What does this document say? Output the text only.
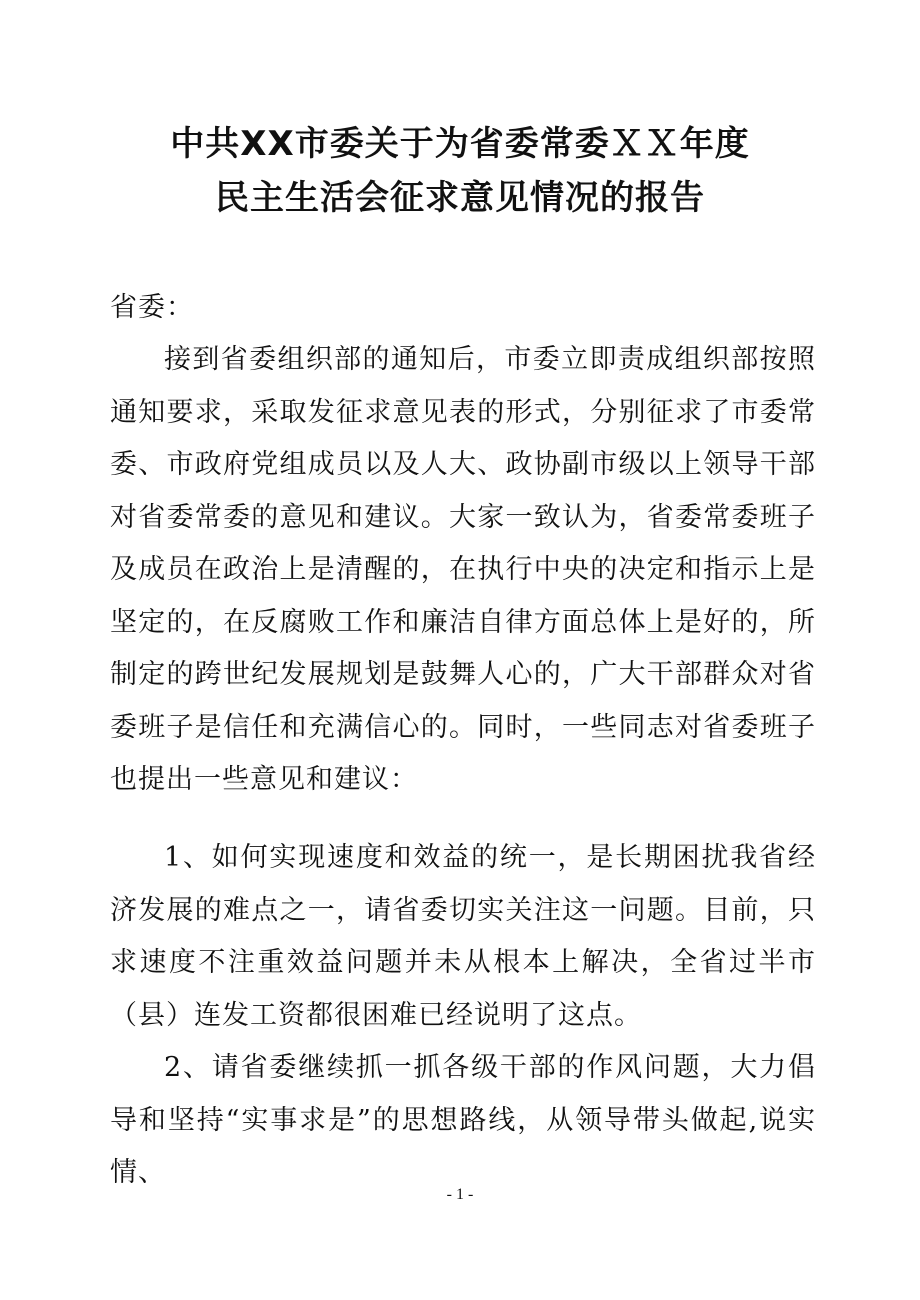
中共XX市委关于为省委常委ＸＸ年度
民主生活会征求意见情况的报告

省委：

接到省委组织部的通知后，市委立即责成组织部按照通知要求，采取发征求意见表的形式，分别征求了市委常委、市政府党组成员以及人大、政协副市级以上领导干部对省委常委的意见和建议。大家一致认为，省委常委班子及成员在政治上是清醒的，在执行中央的决定和指示上是坚定的，在反腐败工作和廉洁自律方面总体上是好的，所制定的跨世纪发展规划是鼓舞人心的，广大干部群众对省委班子是信任和充满信心的。同时，一些同志对省委班子也提出一些意见和建议：

1、如何实现速度和效益的统一，是长期困扰我省经济发展的难点之一，请省委切实关注这一问题。目前，只求速度不注重效益问题并未从根本上解决，全省过半市（县）连发工资都很困难已经说明了这点。

2、请省委继续抓一抓各级干部的作风问题，大力倡导和坚持“实事求是”的思想路线，从领导带头做起,说实情、

- 1 -
